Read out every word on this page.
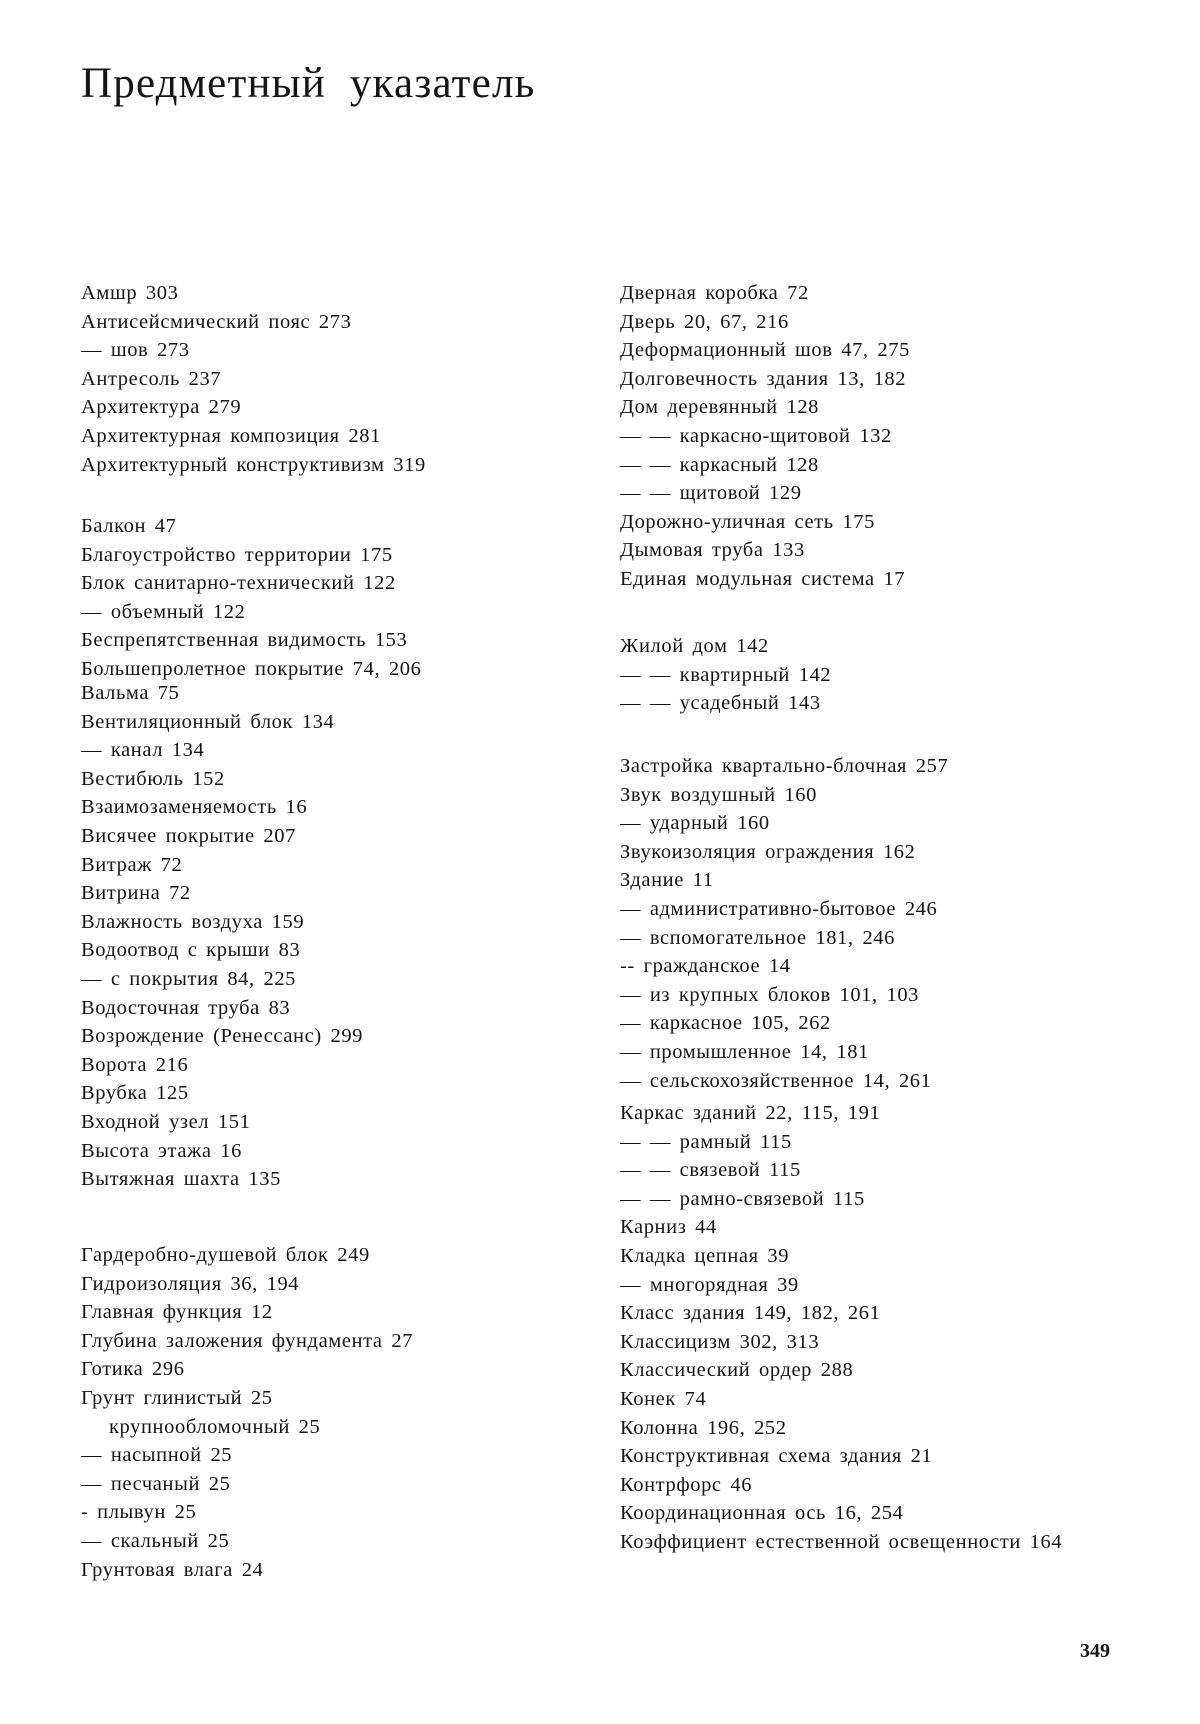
Предметный указатель
Амшр 303
Антисейсмический пояс 273
— шов 273
Антресоль 237
Архитектура 279
Архитектурная композиция 281
Архитектурный конструктивизм 319
Балкон 47
Благоустройство территории 175
Блок санитарно-технический 122
— объемный 122
Беспрепятственная видимость 153
Большепролетное покрытие 74, 206
Вальма 75
Вентиляционный блок 134
— канал 134
Вестибюль 152
Взаимозаменяемость 16
Висячее покрытие 207
Витраж 72
Витрина 72
Влажность воздуха 159
Водоотвод с крыши 83
— с покрытия 84, 225
Водосточная труба 83
Возрождение (Ренессанс) 299
Ворота 216
Врубка 125
Входной узел 151
Высота этажа 16
Вытяжная шахта 135
Гардеробно-душевой блок 249
Гидроизоляция 36, 194
Главная функция 12
Глубина заложения фундамента 27
Готика 296
Грунт глинистый 25
крупнообломочный 25
— насыпной 25
— песчаный 25
- плывун 25
— скальный 25
Грунтовая влага 24
Дверная коробка 72
Дверь 20, 67, 216
Деформационный шов 47, 275
Долговечность здания 13, 182
Дом деревянный 128
— — каркасно-щитовой 132
— — каркасный 128
— — щитовой 129
Дорожно-уличная сеть 175
Дымовая труба 133
Единая модульная система 17
Жилой дом 142
— — квартирный 142
— — усадебный 143
Застройка квартально-блочная 257
Звук воздушный 160
— ударный 160
Звукоизоляция ограждения 162
Здание 11
— административно-бытовое 246
— вспомогательное 181, 246
-- гражданское 14
— из крупных блоков 101, 103
— каркасное 105, 262
— промышленное 14, 181
— сельскохозяйственное 14, 261
Каркас зданий 22, 115, 191
— — рамный 115
— — связевой 115
— — рамно-связевой 115
Карниз 44
Кладка цепная 39
— многорядная 39
Класс здания 149, 182, 261
Классицизм 302, 313
Классический ордер 288
Конек 74
Колонна 196, 252
Конструктивная схема здания 21
Контрфорс 46
Координационная ось 16, 254
Коэффициент естественной освещенности 164
349
